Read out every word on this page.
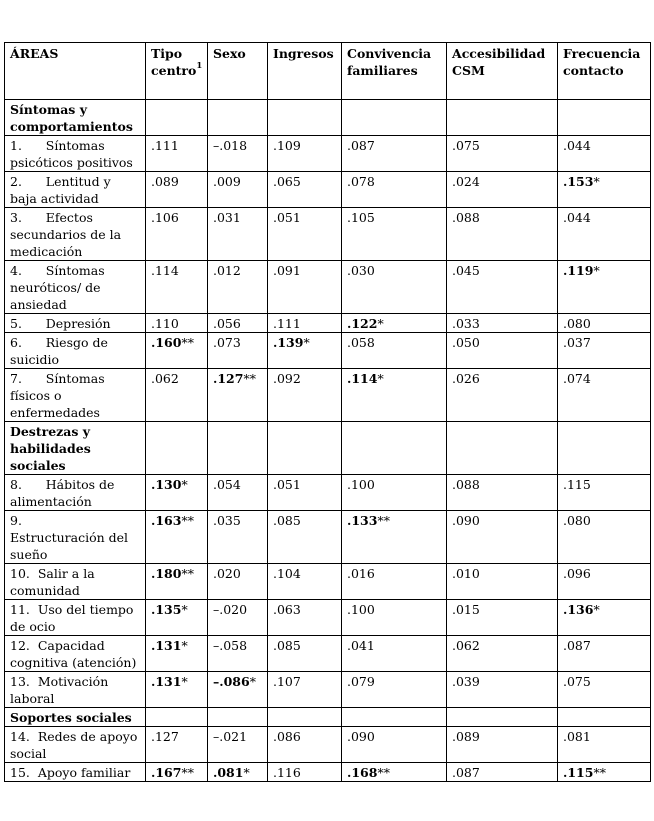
ÁREAS	Tipo centro$^1$	Sexo	Ingresos	Convivencia familiares	Accesibilidad CSM	Frecuencia contacto
Síntomas y comportamientos						
1.      Síntomas psicóticos positivos	.111	–.018	.109	.087	.075	.044
2.      Lentitud y baja actividad	.089	.009	.065	.078	.024	.153*
3.      Efectos secundarios de la medicación	.106	.031	.051	.105	.088	.044
4.      Síntomas neuróticos/ de ansiedad	.114	.012	.091	.030	.045	.119*
5.      Depresión	.110	.056	.111	.122*	.033	.080
6.      Riesgo de suicidio	.160**	.073	.139*	.058	.050	.037
7.      Síntomas físicos o enfermedades	.062	.127**	.092	.114*	.026	.074
Destrezas y habilidades sociales						
8.      Hábitos de alimentación	.130*	.054	.051	.100	.088	.115
9.      Estructuración del sueño	.163**	.035	.085	.133**	.090	.080
10.  Salir a la comunidad	.180**	.020	.104	.016	.010	.096
11.  Uso del tiempo de ocio	.135*	–.020	.063	.100	.015	.136*
12.  Capacidad cognitiva (atención)	.131*	–.058	.085	.041	.062	.087
13.  Motivación laboral	.131*	–.086*	.107	.079	.039	.075
Soportes sociales						
14.  Redes de apoyo social	.127	–.021	.086	.090	.089	.081
15.  Apoyo familiar	.167**	.081*	.116	.168**	.087	.115**
